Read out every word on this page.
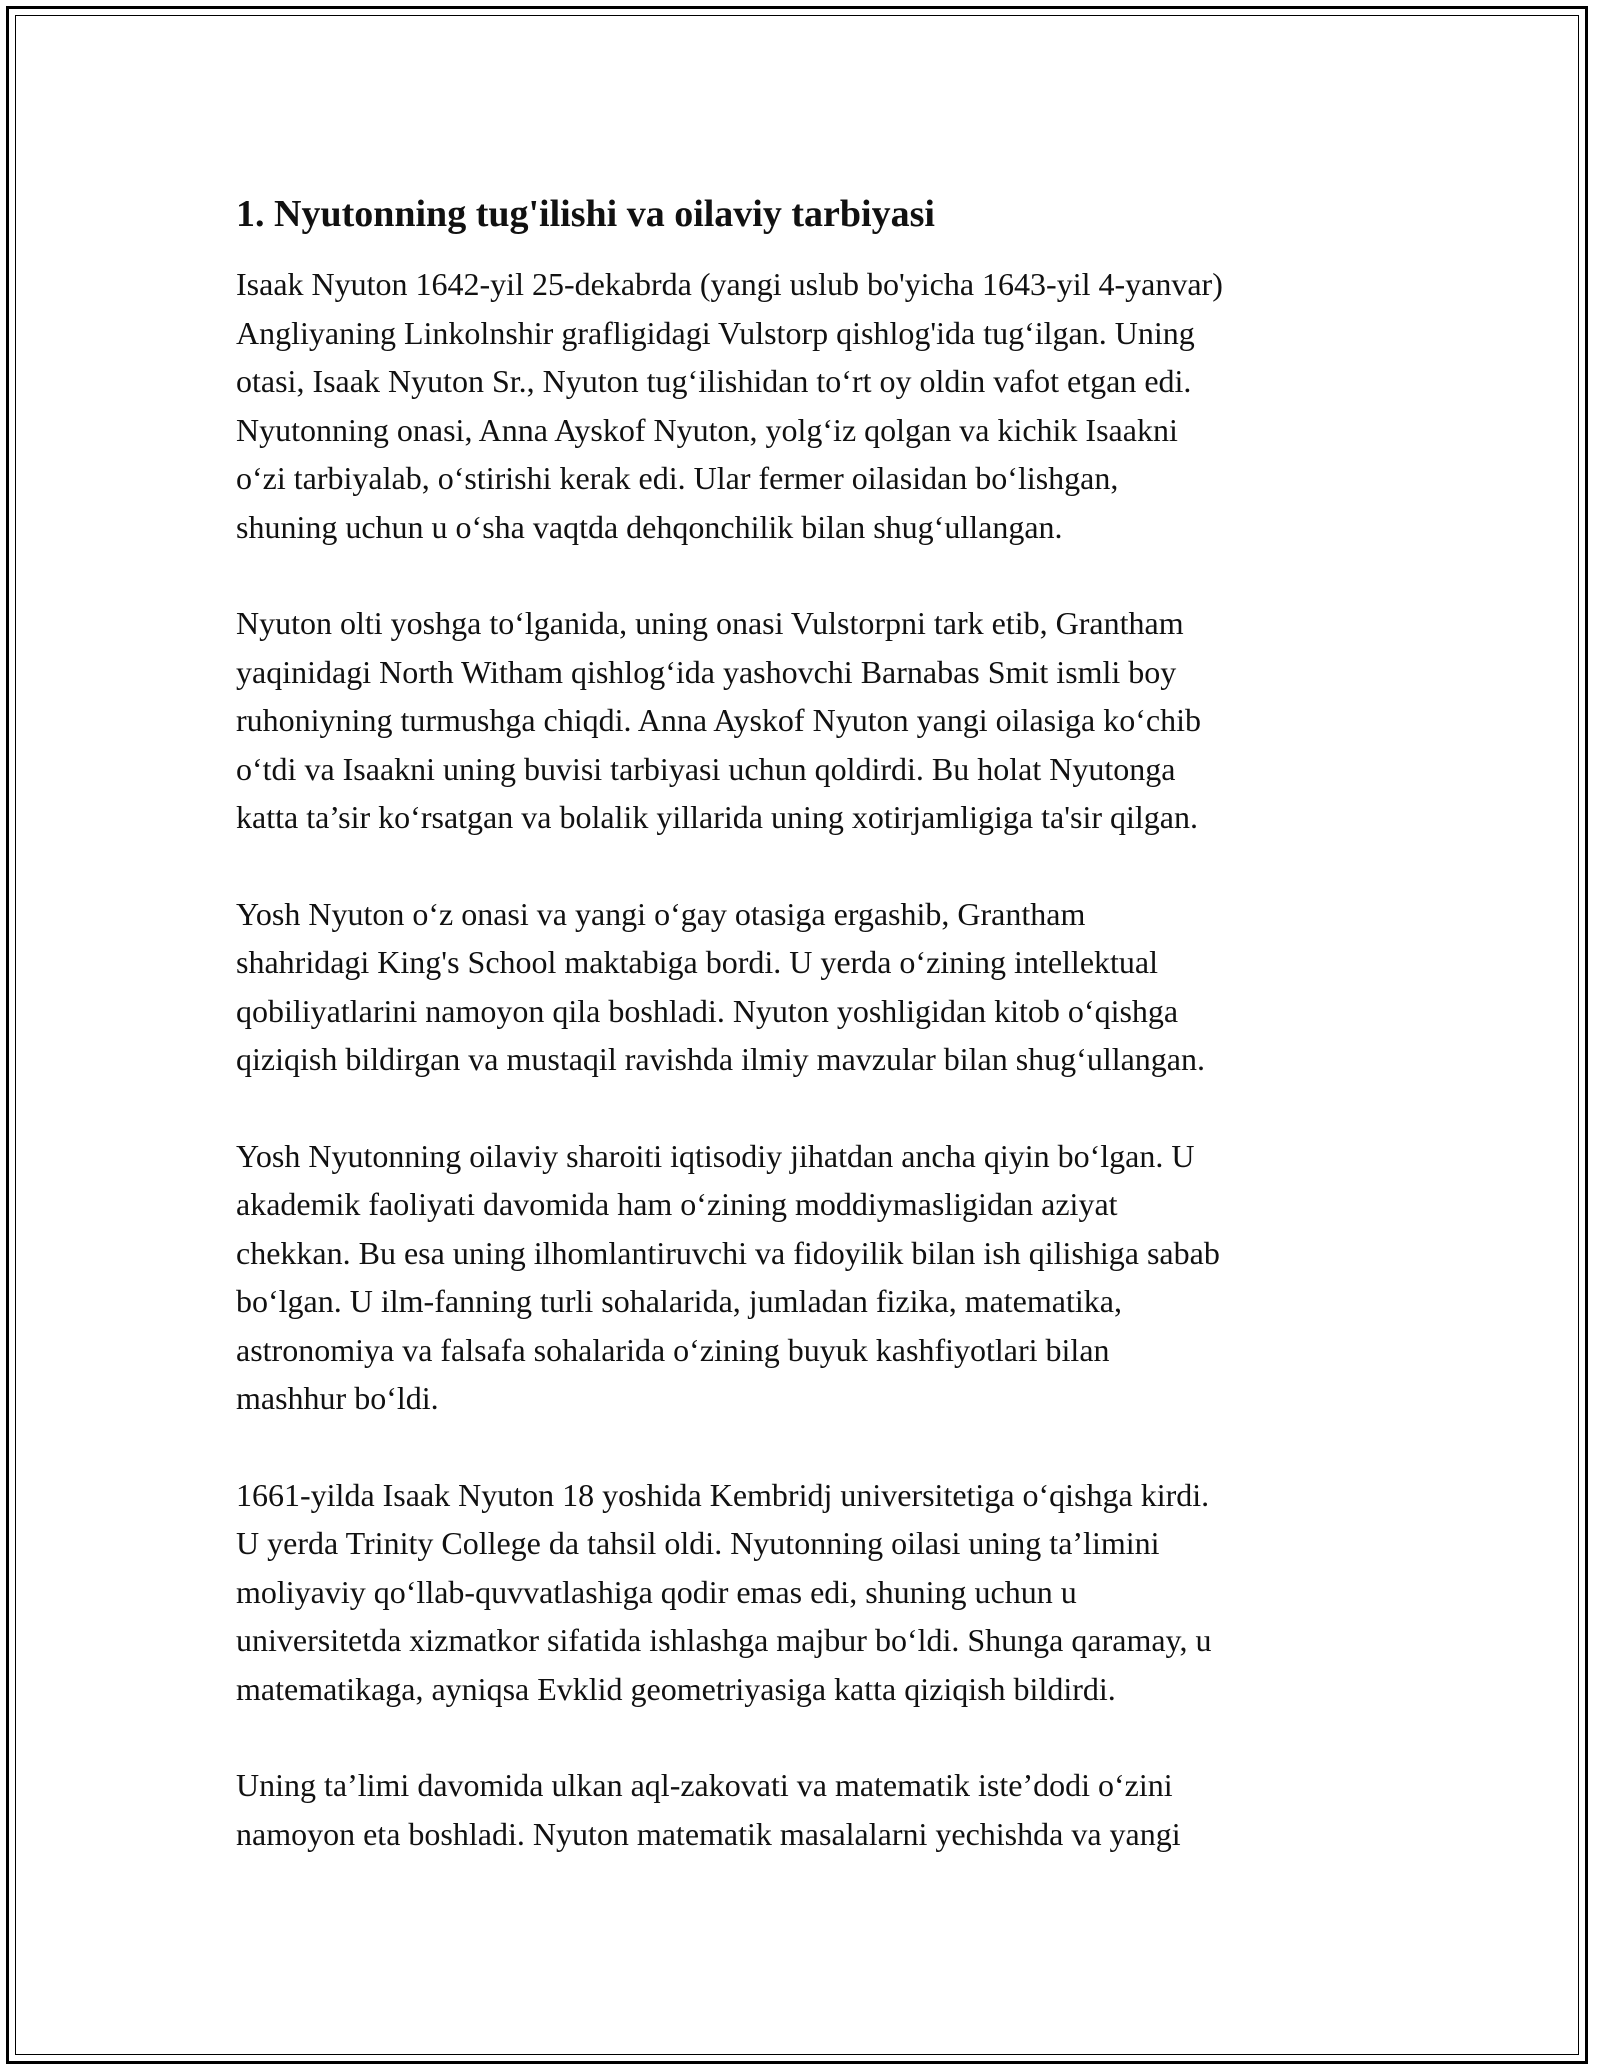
1. Nyutonning tug'ilishi va oilaviy tarbiyasi

Isaak Nyuton 1642-yil 25-dekabrda (yangi uslub bo'yicha 1643-yil 4-yanvar)
Angliyaning Linkolnshir grafligidagi Vulstorp qishlog'ida tug‘ilgan. Uning
otasi, Isaak Nyuton Sr., Nyuton tug‘ilishidan to‘rt oy oldin vafot etgan edi.
Nyutonning onasi, Anna Ayskof Nyuton, yolg‘iz qolgan va kichik Isaakni
o‘zi tarbiyalab, o‘stirishi kerak edi. Ular fermer oilasidan bo‘lishgan,
shuning uchun u o‘sha vaqtda dehqonchilik bilan shug‘ullangan.

Nyuton olti yoshga to‘lganida, uning onasi Vulstorpni tark etib, Grantham
yaqinidagi North Witham qishlog‘ida yashovchi Barnabas Smit ismli boy
ruhoniyning turmushga chiqdi. Anna Ayskof Nyuton yangi oilasiga ko‘chib
o‘tdi va Isaakni uning buvisi tarbiyasi uchun qoldirdi. Bu holat Nyutonga
katta ta’sir ko‘rsatgan va bolalik yillarida uning xotirjamligiga ta'sir qilgan.

Yosh Nyuton o‘z onasi va yangi o‘gay otasiga ergashib, Grantham
shahridagi King's School maktabiga bordi. U yerda o‘zining intellektual
qobiliyatlarini namoyon qila boshladi. Nyuton yoshligidan kitob o‘qishga
qiziqish bildirgan va mustaqil ravishda ilmiy mavzular bilan shug‘ullangan.

Yosh Nyutonning oilaviy sharoiti iqtisodiy jihatdan ancha qiyin bo‘lgan. U
akademik faoliyati davomida ham o‘zining moddiymasligidan aziyat
chekkan. Bu esa uning ilhomlantiruvchi va fidoyilik bilan ish qilishiga sabab
bo‘lgan. U ilm-fanning turli sohalarida, jumladan fizika, matematika,
astronomiya va falsafa sohalarida o‘zining buyuk kashfiyotlari bilan
mashhur bo‘ldi.

1661-yilda Isaak Nyuton 18 yoshida Kembridj universitetiga o‘qishga kirdi.
U yerda Trinity College da tahsil oldi. Nyutonning oilasi uning ta’limini
moliyaviy qo‘llab-quvvatlashiga qodir emas edi, shuning uchun u
universitetda xizmatkor sifatida ishlashga majbur bo‘ldi. Shunga qaramay, u
matematikaga, ayniqsa Evklid geometriyasiga katta qiziqish bildirdi.

Uning ta’limi davomida ulkan aql-zakovati va matematik iste’dodi o‘zini
namoyon eta boshladi. Nyuton matematik masalalarni yechishda va yangi
